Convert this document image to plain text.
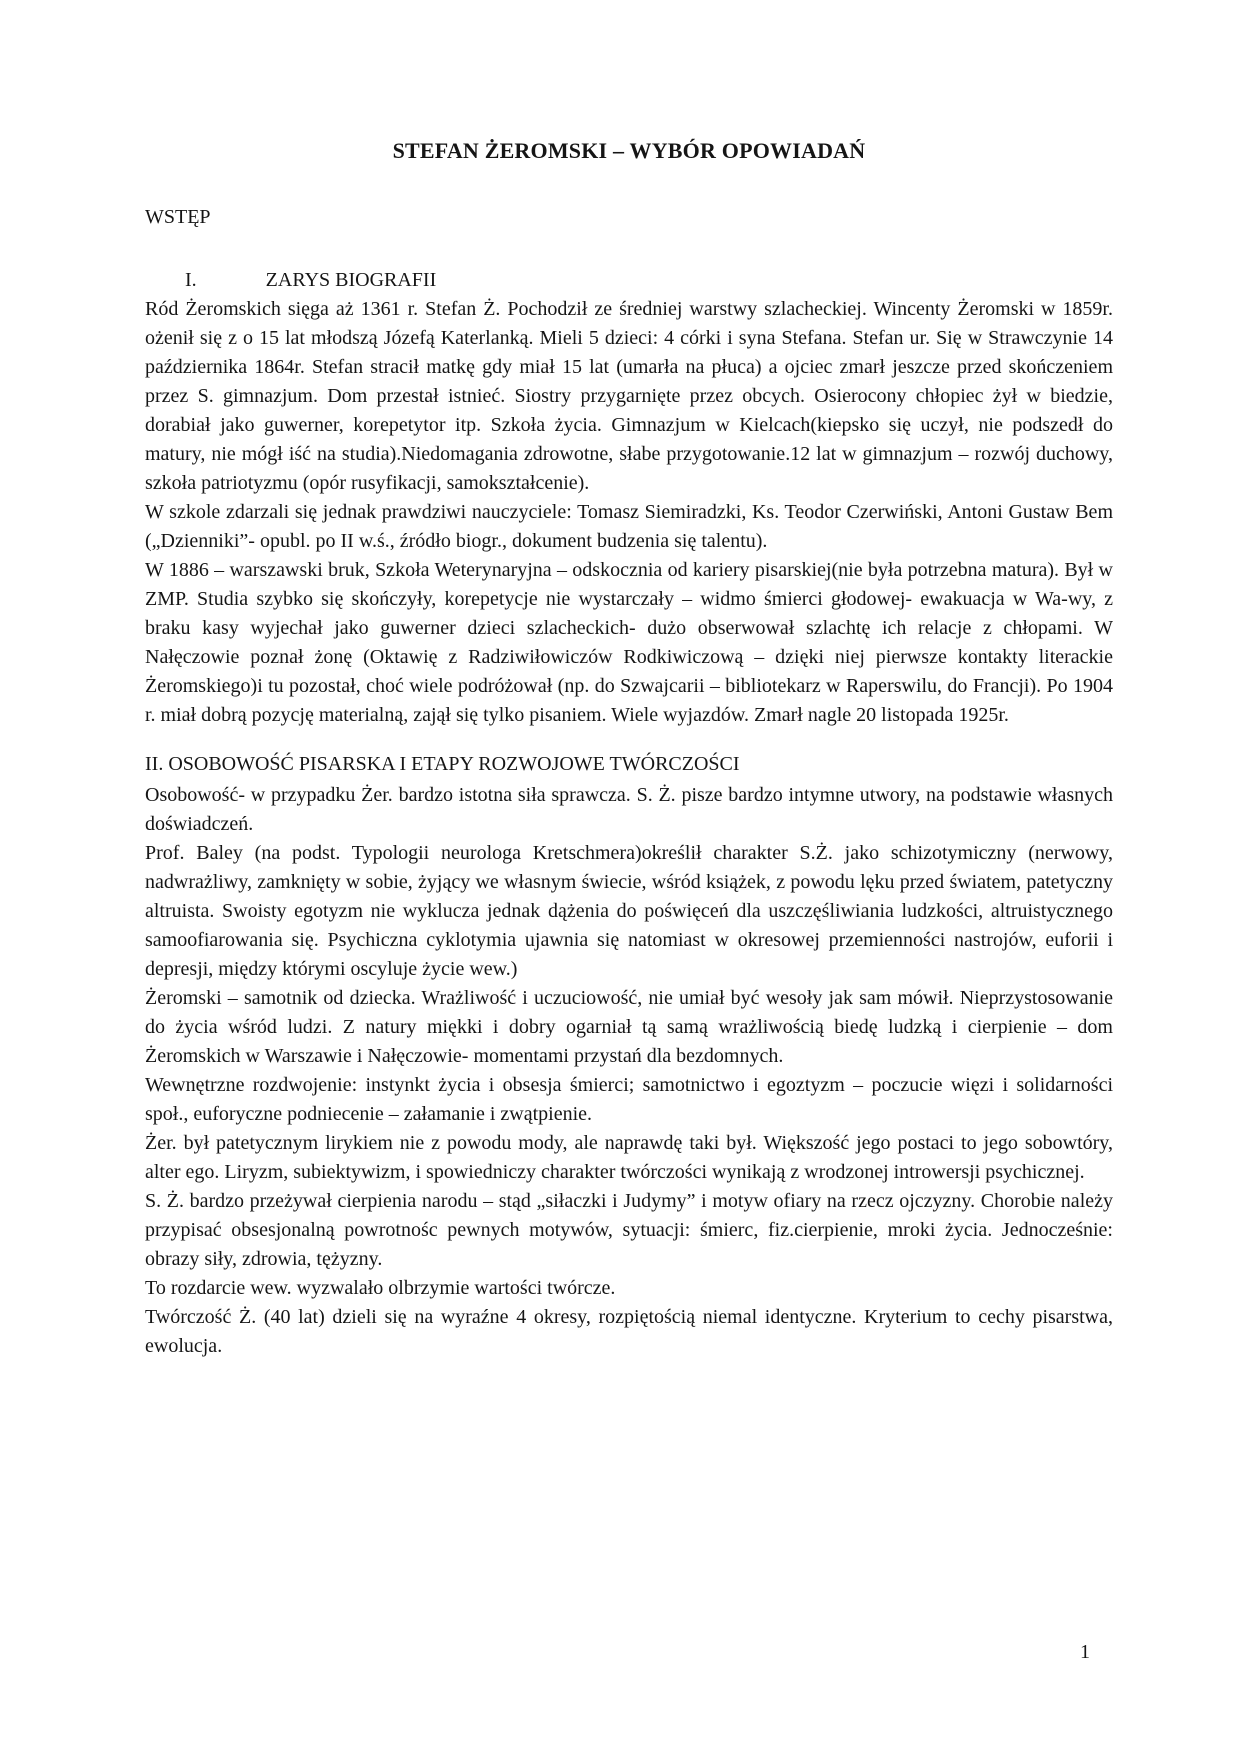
STEFAN ŻEROMSKI – WYBÓR OPOWIADAŃ
WSTĘP
I.	ZARYS BIOGRAFII

Ród Żeromskich sięga aż 1361 r. Stefan Ż. Pochodził ze średniej warstwy szlacheckiej. Wincenty Żeromski w 1859r. ożenił się z o 15 lat młodszą Józefą Katerlanką. Mieli 5 dzieci: 4 córki i syna Stefana. Stefan ur. Się w Strawczynie 14 października 1864r. Stefan stracił matkę gdy miał 15 lat (umarła na płuca) a ojciec zmarł jeszcze przed skończeniem przez S. gimnazjum. Dom przestał istnieć. Siostry przygarnięte przez obcych. Osierocony chłopiec żył w biedzie, dorabiał jako guwerner, korepetytor itp. Szkoła życia. Gimnazjum w Kielcach(kiepsko się uczył, nie podszedł do matury, nie mógł iść na studia).Niedomagania zdrowotne, słabe przygotowanie.12 lat w gimnazjum – rozwój duchowy, szkoła patriotyzmu (opór rusyfikacji, samokształcenie).

W szkole zdarzali się jednak prawdziwi nauczyciele: Tomasz Siemiradzki, Ks. Teodor Czerwiński, Antoni Gustaw Bem („Dzienniki”- opubl. po II w.ś., źródło biogr., dokument budzenia się talentu).

W 1886 – warszawski bruk, Szkoła Weterynaryjna – odskocznia od kariery pisarskiej(nie była potrzebna matura). Był w ZMP. Studia szybko się skończyły, korepetycje nie wystarczały – widmo śmierci głodowej- ewakuacja w Wa-wy, z braku kasy wyjechał jako guwerner dzieci szlacheckich- dużo obserwował szlachtę ich relacje z chłopami. W Nałęczowie poznał żonę (Oktawię z Radziwiłowiczów Rodkiwiczową – dzięki niej pierwsze kontakty literackie Żeromskiego)i tu pozostał, choć wiele podróżował (np. do Szwajcarii – bibliotekarz w Raperswilu, do Francji). Po 1904 r. miał dobrą pozycję materialną, zajął się tylko pisaniem. Wiele wyjazdów. Zmarł nagle 20 listopada 1925r.

II. OSOBOWOŚĆ PISARSKA I ETAPY ROZWOJOWE TWÓRCZOŚCI

Osobowość- w przypadku Żer. bardzo istotna siła sprawcza. S. Ż. pisze bardzo intymne utwory, na podstawie własnych doświadczeń.

Prof. Baley (na podst. Typologii neurologa Kretschmera)określił charakter S.Ż. jako schizotymiczny (nerwowy, nadwrażliwy, zamknięty w sobie, żyjący we własnym świecie, wśród książek, z powodu lęku przed światem, patetyczny altruista. Swoisty egotyzm nie wyklucza jednak dążenia do poświęceń dla uszczęśliwiania ludzkości, altruistycznego samoofiarowania się. Psychiczna cyklotymia ujawnia się natomiast w okresowej przemienności nastrojów, euforii i depresji, między którymi oscyluje życie wew.)

Żeromski – samotnik od dziecka. Wrażliwość i uczuciowość, nie umiał być wesoły jak sam mówił. Nieprzystosowanie do życia wśród ludzi. Z natury miękki i dobry ogarniał tą samą wrażliwością biedę ludzką i cierpienie – dom Żeromskich w Warszawie i Nałęczowie- momentami przystań dla bezdomnych.

Wewnętrzne rozdwojenie: instynkt życia i obsesja śmierci; samotnictwo i egoztyzm – poczucie więzi i solidarności społ., euforyczne podniecenie – załamanie i zwątpienie.

Żer. był patetycznym lirykiem nie z powodu mody, ale naprawdę taki był. Większość jego postaci to jego sobowtóry, alter ego. Liryzm, subiektywizm, i spowiedniczy charakter twórczości wynikają z wrodzonej introwersji psychicznej.

S. Ż. bardzo przeżywał cierpienia narodu – stąd „siłaczki i Judymy” i motyw ofiary na rzecz ojczyzny. Chorobie należy przypisać obsesjonalną powrotnośc pewnych motywów, sytuacji: śmierc, fiz.cierpienie, mroki życia. Jednocześnie: obrazy siły, zdrowia, tężyzny.

To rozdarcie wew. wyzwalało olbrzymie wartości twórcze.

Twórczość Ż. (40 lat) dzieli się na wyraźne 4 okresy, rozpiętością niemal identyczne. Kryterium to cechy pisarstwa, ewolucja.

1
